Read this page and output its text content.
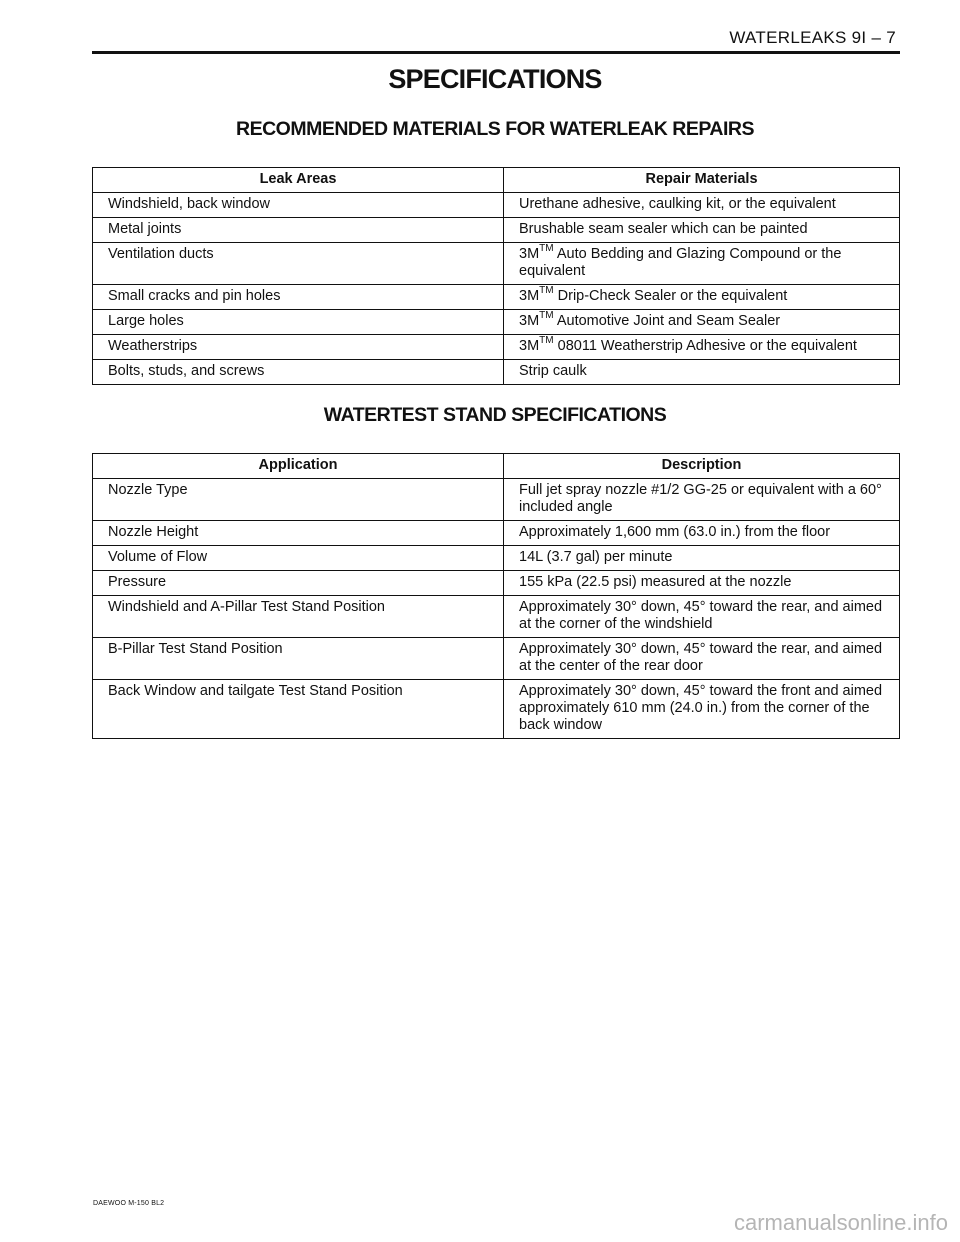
WATERLEAKS 9I – 7
SPECIFICATIONS
RECOMMENDED MATERIALS FOR WATERLEAK REPAIRS
Leak Areas	Repair Materials
Windshield, back window	Urethane adhesive, caulking kit, or the equivalent
Metal joints	Brushable seam sealer which can be painted
Ventilation ducts	3M™ Auto Bedding and Glazing Compound or the equivalent
Small cracks and pin holes	3M™ Drip-Check Sealer or the equivalent
Large holes	3M™ Automotive Joint and Seam Sealer
Weatherstrips	3M™ 08011 Weatherstrip Adhesive or the equivalent
Bolts, studs, and screws	Strip caulk
WATERTEST STAND SPECIFICATIONS
Application	Description
Nozzle Type	Full jet spray nozzle #1/2 GG-25 or equivalent with a 60° included angle
Nozzle Height	Approximately 1,600 mm (63.0 in.) from the floor
Volume of Flow	14L (3.7 gal) per minute
Pressure	155 kPa (22.5 psi) measured at the nozzle
Windshield and A-Pillar Test Stand Position	Approximately 30° down, 45° toward the rear, and aimed at the corner of the windshield
B-Pillar Test Stand Position	Approximately 30° down, 45° toward the rear, and aimed at the center of the rear door
Back Window and tailgate Test Stand Position	Approximately 30° down, 45° toward the front and aimed approximately 610 mm (24.0 in.) from the corner of the back window
DAEWOO M-150 BL2
carmanualsonline.info
